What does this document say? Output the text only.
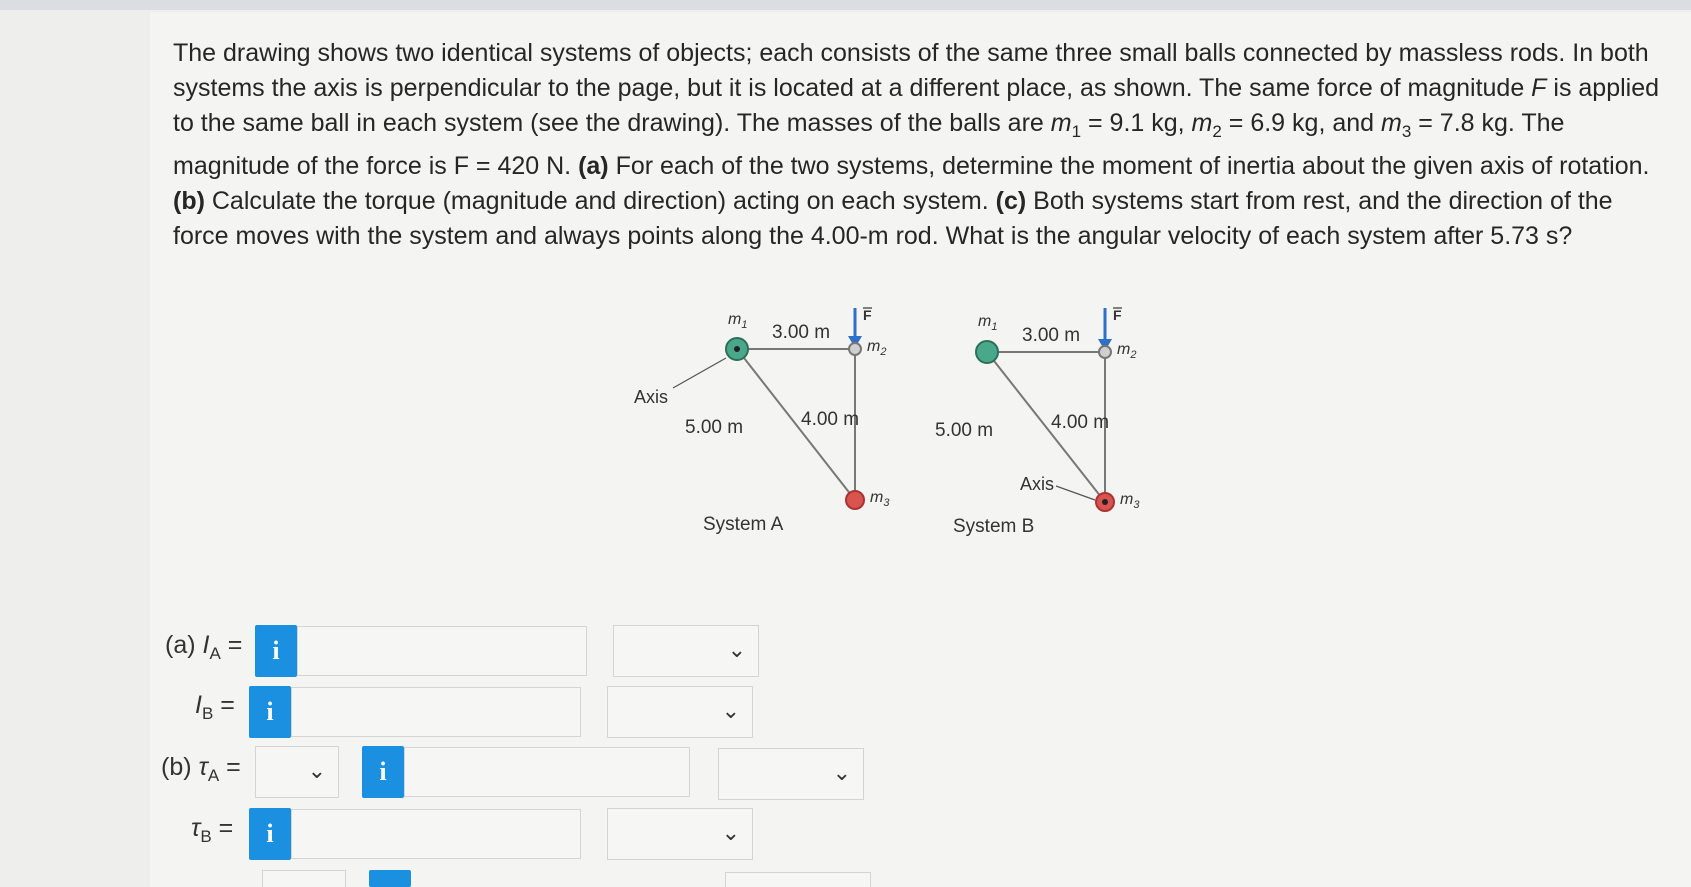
The drawing shows two identical systems of objects; each consists of the same three small balls connected by massless rods. In both systems the axis is perpendicular to the page, but it is located at a different place, as shown. The same force of magnitude F is applied to the same ball in each system (see the drawing). The masses of the balls are $m_1 = 9.1$ kg, $m_2 = 6.9$ kg, and $m_3 = 7.8$ kg. The magnitude of the force is F = 420 N. (a) For each of the two systems, determine the moment of inertia about the given axis of rotation. (b) Calculate the torque (magnitude and direction) acting on each system. (c) Both systems start from rest, and the direction of the force moves with the system and always points along the 4.00-m rod. What is the angular velocity of each system after 5.73 s?

F
$m_1$ 3.00 m
$m_2$
Axis
5.00 m	4.00 m
$m_3$
System A
F
$m_1$ 3.00 m
$m_2$
5.00 m	4.00 m
Axis
$m_3$
System B
(a) $I_A$ =	i	⌄
$I_B$ =	i	⌄
(b) $\tau_A$ =	⌄	i	⌄
$\tau_B$ =	i	⌄
